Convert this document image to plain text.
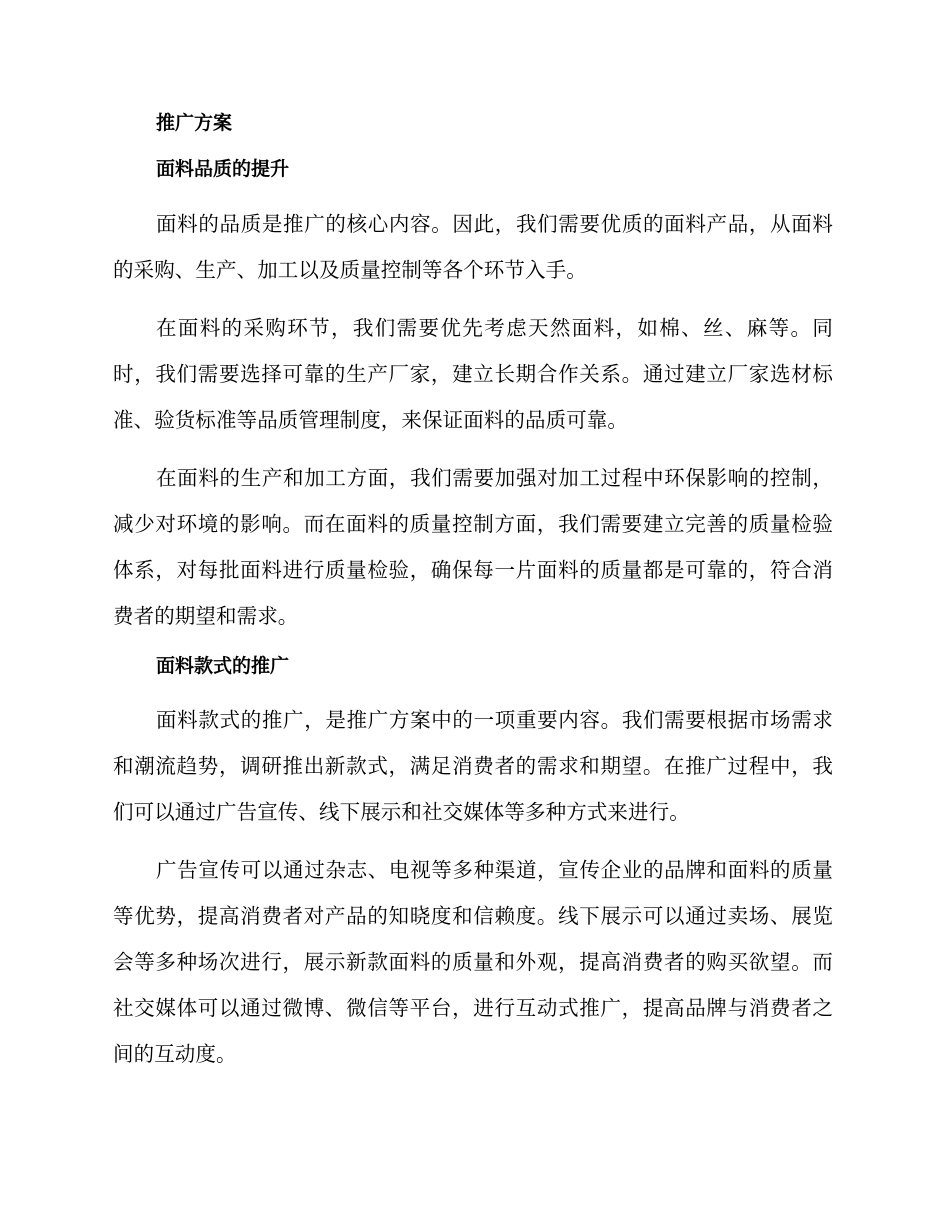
推广方案
面料品质的提升

面料的品质是推广的核心内容。因此，我们需要优质的面料产品，从面料的采购、生产、加工以及质量控制等各个环节入手。

在面料的采购环节，我们需要优先考虑天然面料，如棉、丝、麻等。同时，我们需要选择可靠的生产厂家，建立长期合作关系。通过建立厂家选材标准、验货标准等品质管理制度，来保证面料的品质可靠。

在面料的生产和加工方面，我们需要加强对加工过程中环保影响的控制，减少对环境的影响。而在面料的质量控制方面，我们需要建立完善的质量检验体系，对每批面料进行质量检验，确保每一片面料的质量都是可靠的，符合消费者的期望和需求。

面料款式的推广

面料款式的推广，是推广方案中的一项重要内容。我们需要根据市场需求和潮流趋势，调研推出新款式，满足消费者的需求和期望。在推广过程中，我们可以通过广告宣传、线下展示和社交媒体等多种方式来进行。

广告宣传可以通过杂志、电视等多种渠道，宣传企业的品牌和面料的质量等优势，提高消费者对产品的知晓度和信赖度。线下展示可以通过卖场、展览会等多种场次进行，展示新款面料的质量和外观，提高消费者的购买欲望。而社交媒体可以通过微博、微信等平台，进行互动式推广，提高品牌与消费者之间的互动度。
